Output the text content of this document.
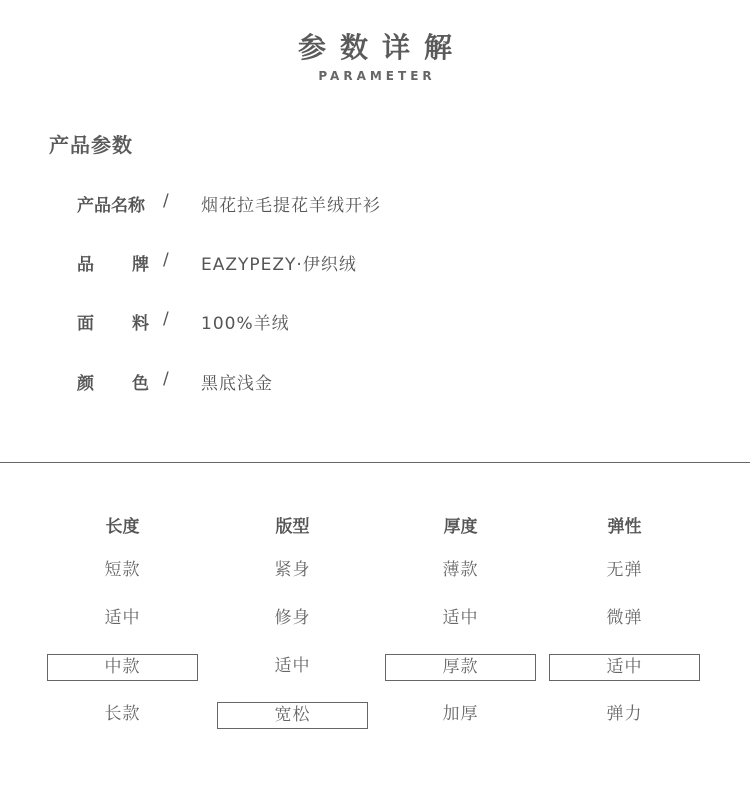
参数详解
PARAMETER
产品参数
产品名称 / 烟花拉毛提花羊绒开衫
品 牌 / EAZYPEZY·伊织绒
面 料 / 100%羊绒
颜 色 / 黑底浅金
长度
短款
适中
中款
长款
版型
紧身
修身
适中
宽松
厚度
薄款
适中
厚款
加厚
弹性
无弹
微弹
适中
弹力
